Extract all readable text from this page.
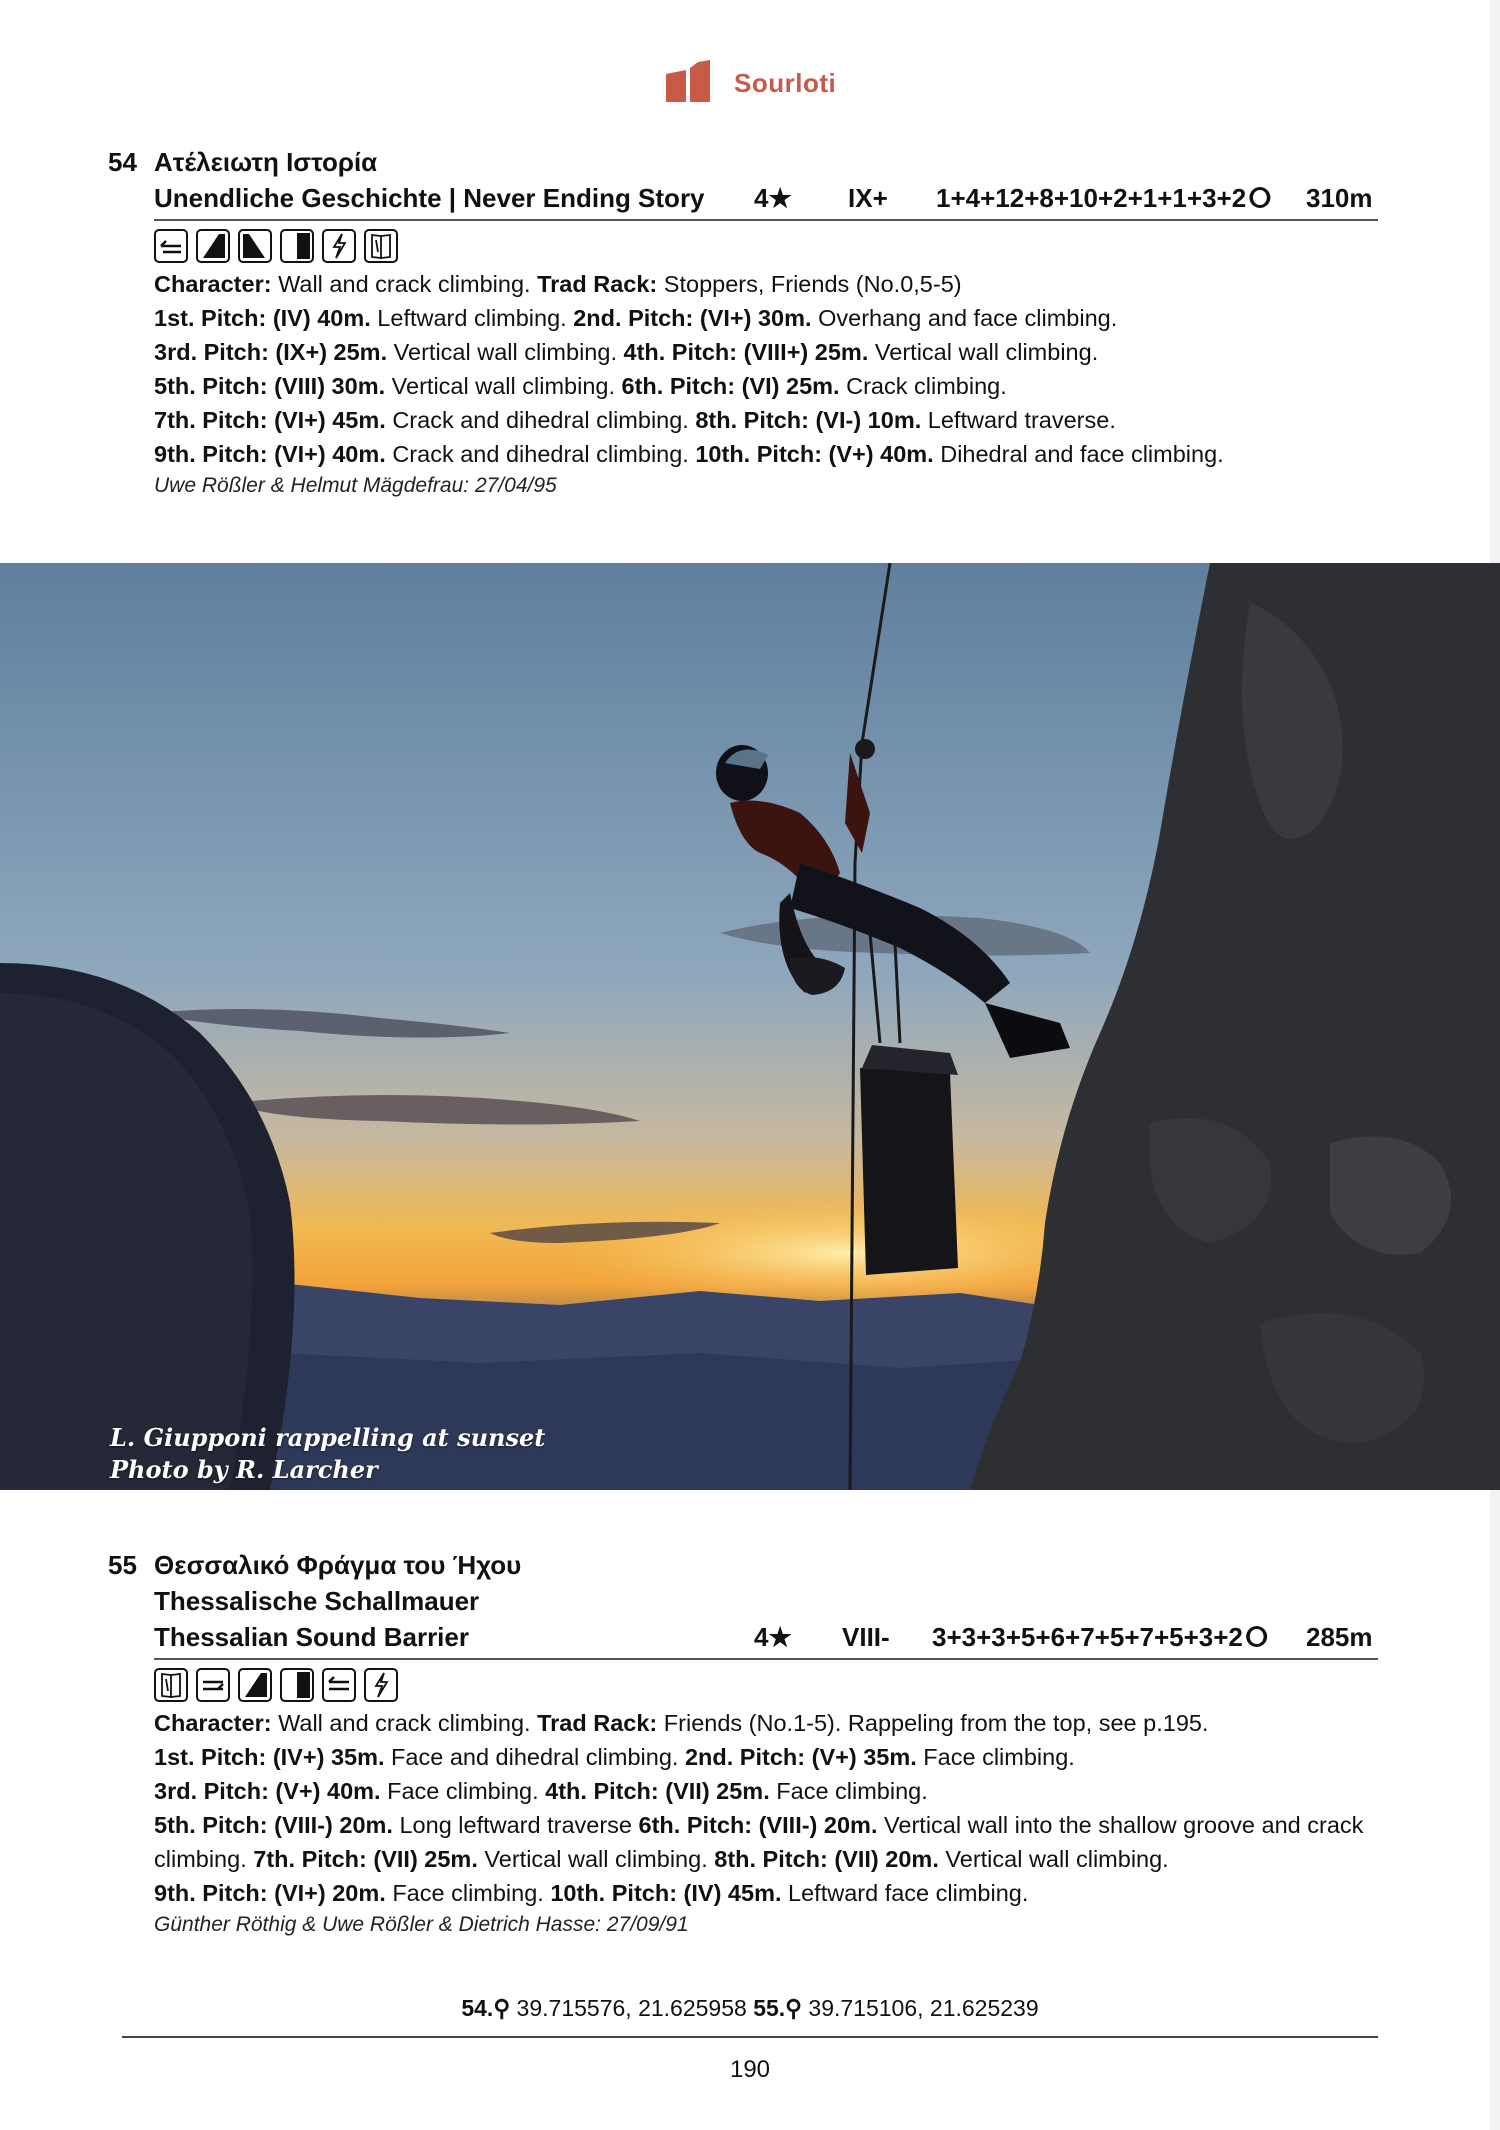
Sourloti
54 Ατέλειωτη Ιστορία
Unendliche Geschichte | Never Ending Story 4★ IX+ 1+4+12+8+10+2+1+1+3+2 ⵔ 310m

Character: Wall and crack climbing. Trad Rack: Stoppers, Friends (No.0,5-5)

1st. Pitch: (IV) 40m. Leftward climbing. 2nd. Pitch: (VI+) 30m. Overhang and face climbing.

3rd. Pitch: (IX+) 25m. Vertical wall climbing. 4th. Pitch: (VIII+) 25m. Vertical wall climbing.

5th. Pitch: (VIII) 30m. Vertical wall climbing. 6th. Pitch: (VI) 25m. Crack climbing.

7th. Pitch: (VI+) 45m. Crack and dihedral climbing. 8th. Pitch: (VI-) 10m. Leftward traverse.

9th. Pitch: (VI+) 40m. Crack and dihedral climbing. 10th. Pitch: (V+) 40m. Dihedral and face climbing.

Uwe Rößler & Helmut Mägdefrau: 27/04/95

L. Giupponi rappelling at sunset
Photo by R. Larcher
55 Θεσσαλικό Φράγμα του Ήχου
Thessalische Schallmauer
Thessalian Sound Barrier	4★ VIII- 3+3+3+5+6+7+5+7+5+3+2 ⵔ 285m

Character: Wall and crack climbing. Trad Rack: Friends (No.1-5). Rappeling from the top, see p.195.

1st. Pitch: (IV+) 35m. Face and dihedral climbing. 2nd. Pitch: (V+) 35m. Face climbing.

3rd. Pitch: (V+) 40m. Face climbing. 4th. Pitch: (VII) 25m. Face climbing.

5th. Pitch: (VIII-) 20m. Long leftward traverse 6th. Pitch: (VIII-) 20m. Vertical wall into the shallow groove and crack climbing. 7th. Pitch: (VII) 25m. Vertical wall climbing. 8th. Pitch: (VII) 20m. Vertical wall climbing.

9th. Pitch: (VI+) 20m. Face climbing. 10th. Pitch: (IV) 45m. Leftward face climbing.

Günther Röthig & Uwe Rößler & Dietrich Hasse: 27/09/91

54.⚲ 39.715576, 21.625958 55.⚲ 39.715106, 21.625239
190
